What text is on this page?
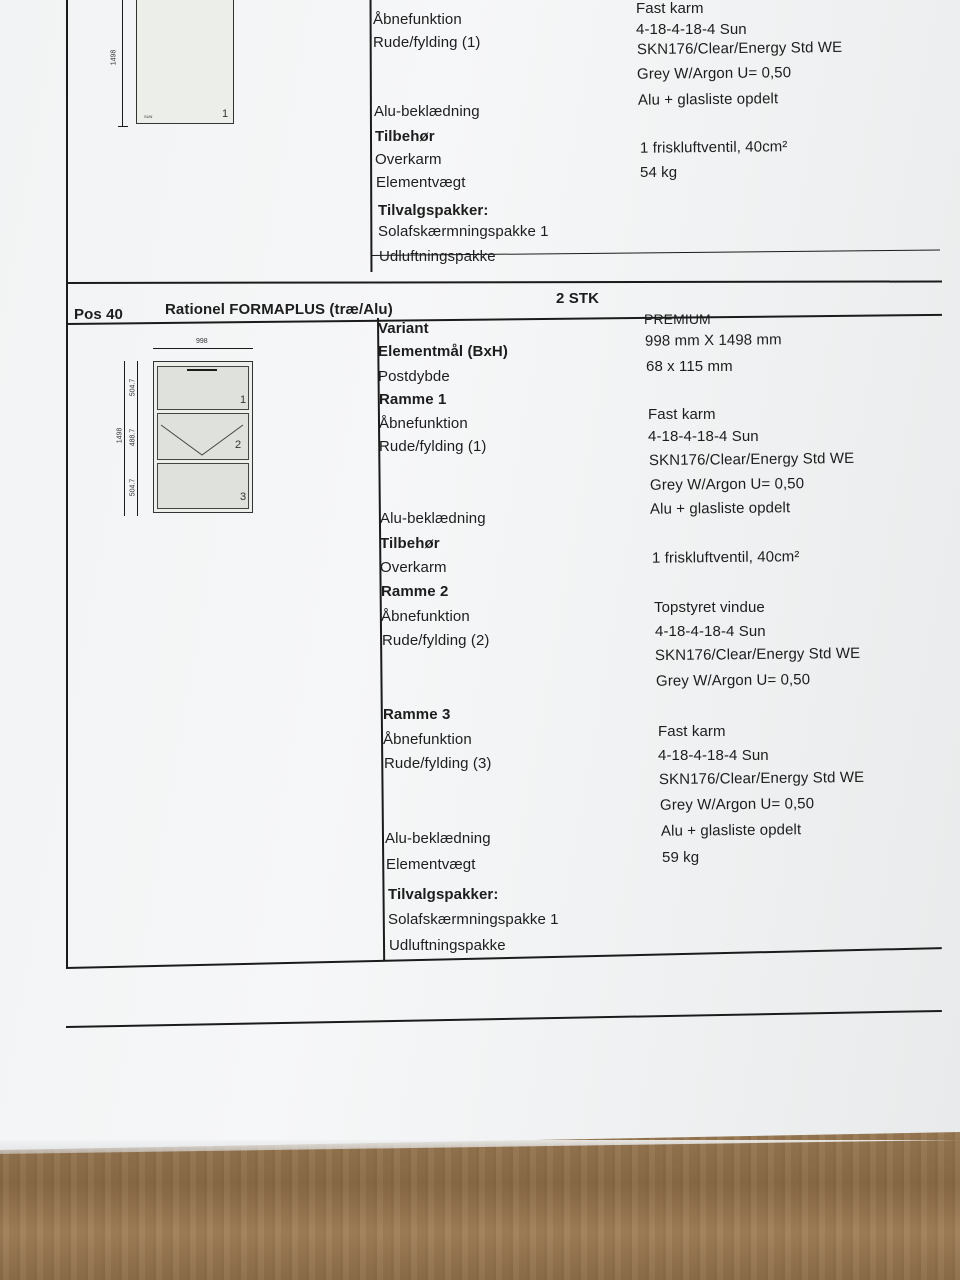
1498
1
SUN
Åbnefunktion
Rude/fylding (1)
Alu-beklædning
Tilbehør
Overkarm
Elementvægt
Tilvalgspakker:
Solafskærmningspakke 1
Udluftningspakke
Fast karm
4-18-4-18-4 Sun
SKN176/Clear/Energy Std WE
Grey W/Argon U= 0,50
Alu + glasliste opdelt
1 friskluftventil, 40cm²
54 kg
Pos 40	Rationel FORMAPLUS (træ/Alu)
2 STK
998
1498
504.7
488.7
504.7
1
2
3
Variant
Elementmål (BxH)
Postdybde
Ramme 1
Åbnefunktion
Rude/fylding (1)
Alu-beklædning
Tilbehør
Overkarm
Ramme 2
Åbnefunktion
Rude/fylding (2)
Ramme 3
Åbnefunktion
Rude/fylding (3)
Alu-beklædning
Elementvægt
Tilvalgspakker:
Solafskærmningspakke 1
Udluftningspakke
PREMIUM
998 mm X 1498 mm
68 x 115 mm
Fast karm
4-18-4-18-4 Sun
SKN176/Clear/Energy Std WE
Grey W/Argon U= 0,50
Alu + glasliste opdelt
1 friskluftventil, 40cm²
Topstyret vindue
4-18-4-18-4 Sun
SKN176/Clear/Energy Std WE
Grey W/Argon U= 0,50
Fast karm
4-18-4-18-4 Sun
SKN176/Clear/Energy Std WE
Grey W/Argon U= 0,50
Alu + glasliste opdelt
59 kg
